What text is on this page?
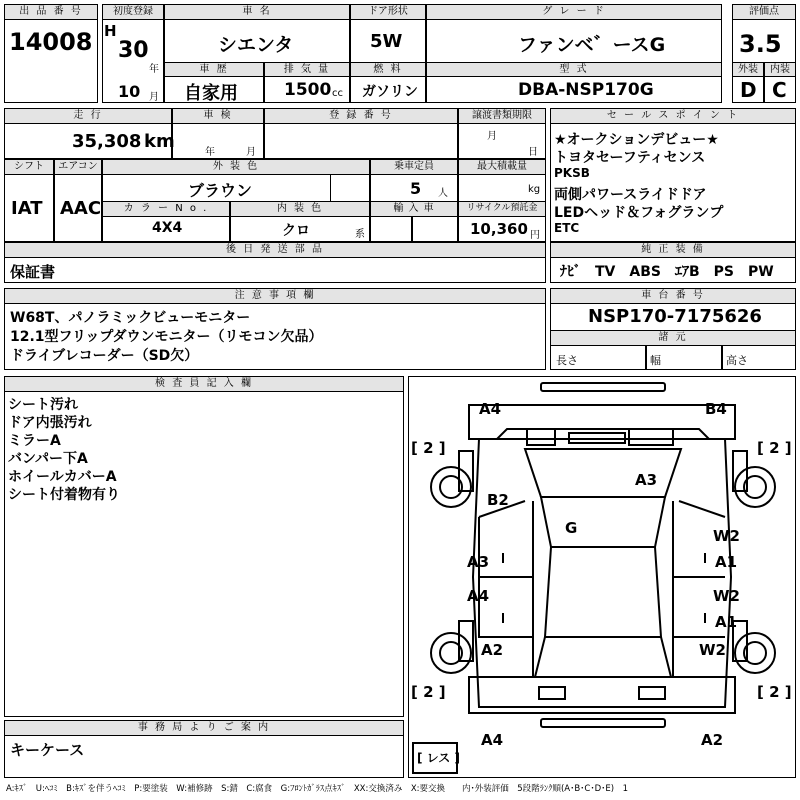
出 品 番 号
14008
初度登録
H
30
年
10 月
車 名
シエンタ
ドア形状
5W
グ レ ー ド
ファンベ゛ースG
評価点
3.5
車 歴
自家用
排 気 量
1500 cc
燃 料
ガソリン
型 式
DBA-NSP170G
外装	内装
D C
走 行
35,308 km
車 検
年	月
登 録 番 号	譲渡書類期限
月
日
シフト	エアコン
IAT AAC
外 装 色
ブラウン
乗車定員
5 人
最大積載量
kg
カ ラ ー N o .
4X4
内 装 色
クロ	系
輸 入 車	リサイクル預託金
10,360 円
後 日 発 送 部 品
保証書
セ ー ル ス ポ イ ン ト
★オークションデビュー★
トヨタセーフティセンス
PKSB
両側パワースライドドア
LEDヘッド＆フォグランプ
ETC
純 正 装 備
ﾅﾋﾞ　TV　ABS　ｴｱB　PS　PW
注 意 事 項 欄
W68T、パノラミックビューモニター
12.1型フリップダウンモニター（リモコン欠品）
ドライブレコーダー（SD欠）
車 台 番 号
NSP170-7175626
諸 元
長さ	幅	高さ
検 査 員 記 入 欄
シート汚れ
ドア内張汚れ
ミラーA
バンパー下A
ホイールカバーA
シート付着物有り
事 務 局 よ り ご 案 内
キーケース
A4	B4
[ 2 ]	[ 2 ]
A3
B2
G
A3
W2
A1
A4	W2
A1
A2	W2
[ 2 ]	[ 2 ]
A4	A2
[ レス ]
A:ｷｽﾞ　U:ﾍｺﾐ　B:ｷｽﾞを伴うﾍｺﾐ　P:要塗装　W:補修跡　S:錆　C:腐食　G:ﾌﾛﾝﾄｶﾞﾗｽ点ｷｽﾞ　XX:交換済み　X:要交換　　内･外装評価　5段階ﾗﾝｸ順(A･B･C･D･E)　1
